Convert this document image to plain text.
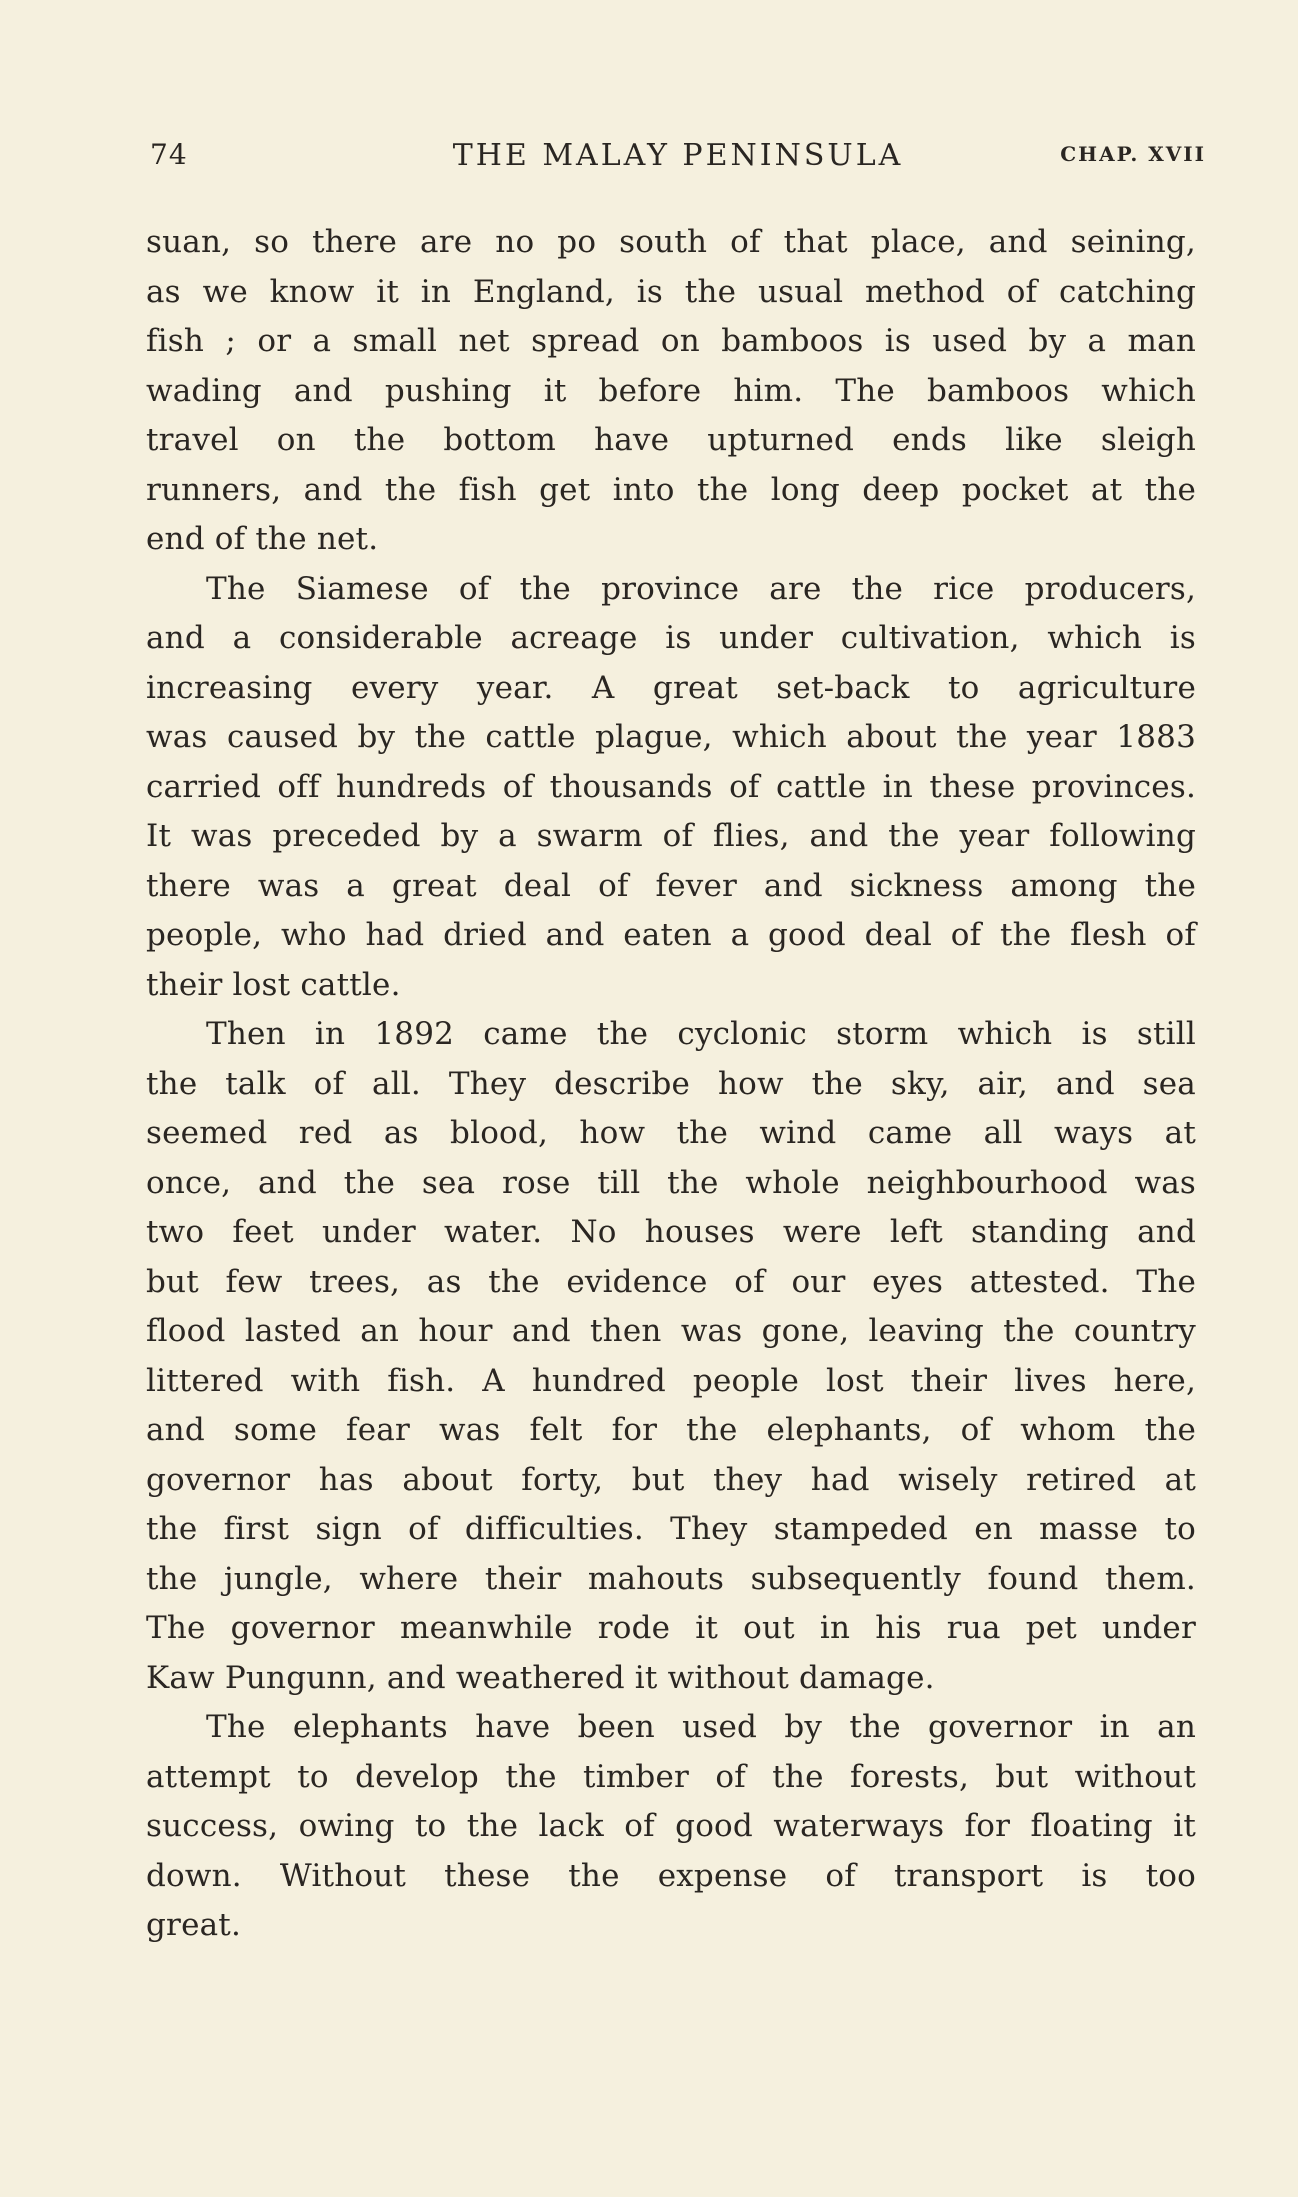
74	THE MALAY PENINSULA	CHAP. XVII
suan, so there are no po south of that place, and seining,
as we know it in England, is the usual method of catching
fish ; or a small net spread on bamboos is used by a man
wading and pushing it before him. The bamboos which
travel on the bottom have upturned ends like sleigh
runners, and the fish get into the long deep pocket at the
end of the net.
The Siamese of the province are the rice producers,
and a considerable acreage is under cultivation, which is
increasing every year. A great set-back to agriculture
was caused by the cattle plague, which about the year 1883
carried off hundreds of thousands of cattle in these provinces.
It was preceded by a swarm of flies, and the year following
there was a great deal of fever and sickness among the
people, who had dried and eaten a good deal of the flesh of
their lost cattle.
Then in 1892 came the cyclonic storm which is still
the talk of all. They describe how the sky, air, and sea
seemed red as blood, how the wind came all ways at
once, and the sea rose till the whole neighbourhood was
two feet under water. No houses were left standing and
but few trees, as the evidence of our eyes attested. The
flood lasted an hour and then was gone, leaving the country
littered with fish. A hundred people lost their lives here,
and some fear was felt for the elephants, of whom the
governor has about forty, but they had wisely retired at
the first sign of difficulties. They stampeded en masse to
the jungle, where their mahouts subsequently found them.
The governor meanwhile rode it out in his rua pet under
Kaw Pungunn, and weathered it without damage.
The elephants have been used by the governor in an
attempt to develop the timber of the forests, but without
success, owing to the lack of good waterways for floating it
down. Without these the expense of transport is too
great.
